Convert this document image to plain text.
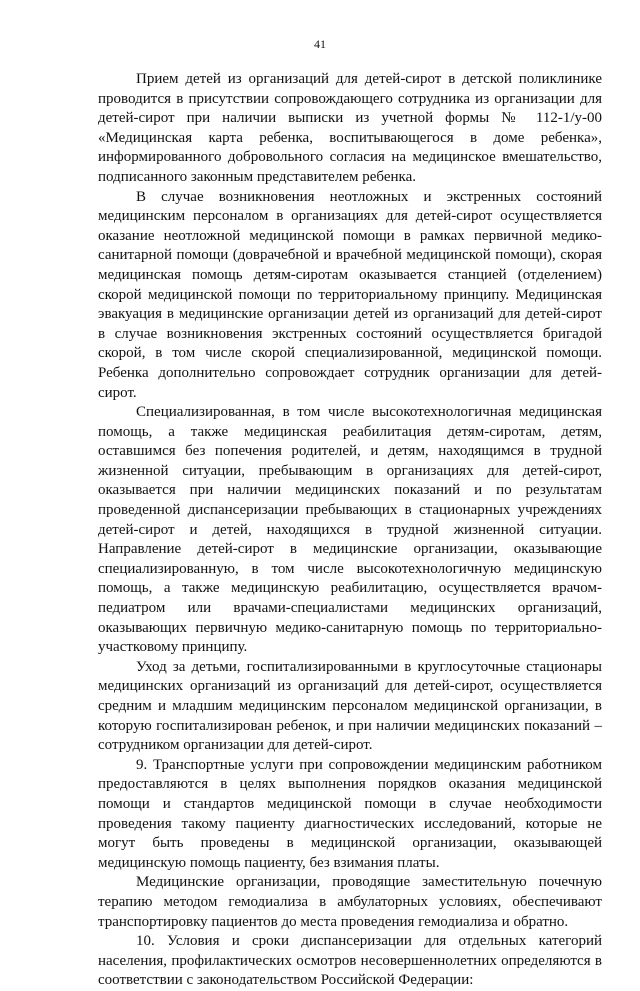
41

Прием детей из организаций для детей-сирот в детской поликлинике проводится в присутствии сопровождающего сотрудника из организации для детей-сирот при наличии выписки из учетной формы № 112-1/у-00 «Медицинская карта ребенка, воспитывающегося в доме ребенка», информированного добровольного согласия на медицинское вмешательство, подписанного законным представителем ребенка.

В случае возникновения неотложных и экстренных состояний медицинским персоналом в организациях для детей-сирот осуществляется оказание неотложной медицинской помощи в рамках первичной медико-санитарной помощи (доврачебной и врачебной медицинской помощи), скорая медицинская помощь детям-сиротам оказывается станцией (отделением) скорой медицинской помощи по территориальному принципу. Медицинская эвакуация в медицинские организации детей из организаций для детей-сирот в случае возникновения экстренных состояний осуществляется бригадой скорой, в том числе скорой специализированной, медицинской помощи. Ребенка дополнительно сопровождает сотрудник организации для детей-сирот.

Специализированная, в том числе высокотехнологичная медицинская помощь, а также медицинская реабилитация детям-сиротам, детям, оставшимся без попечения родителей, и детям, находящимся в трудной жизненной ситуации, пребывающим в организациях для детей-сирот, оказывается при наличии медицинских показаний и по результатам проведенной диспансеризации пребывающих в стационарных учреждениях детей-сирот и детей, находящихся в трудной жизненной ситуации. Направление детей-сирот в медицинские организации, оказывающие специализированную, в том числе высокотехнологичную медицинскую помощь, а также медицинскую реабилитацию, осуществляется врачом-педиатром или врачами-специалистами медицинских организаций, оказывающих первичную медико-санитарную помощь по территориально-участковому принципу.

Уход за детьми, госпитализированными в круглосуточные стационары медицинских организаций из организаций для детей-сирот, осуществляется средним и младшим медицинским персоналом медицинской организации, в которую госпитализирован ребенок, и при наличии медицинских показаний – сотрудником организации для детей-сирот.

9. Транспортные услуги при сопровождении медицинским работником предоставляются в целях выполнения порядков оказания медицинской помощи и стандартов медицинской помощи в случае необходимости проведения такому пациенту диагностических исследований, которые не могут быть проведены в медицинской организации, оказывающей медицинскую помощь пациенту, без взимания платы.

Медицинские организации, проводящие заместительную почечную терапию методом гемодиализа в амбулаторных условиях, обеспечивают транспортировку пациентов до места проведения гемодиализа и обратно.

10. Условия и сроки диспансеризации для отдельных категорий населения, профилактических осмотров несовершеннолетних определяются в соответствии с законодательством Российской Федерации:
